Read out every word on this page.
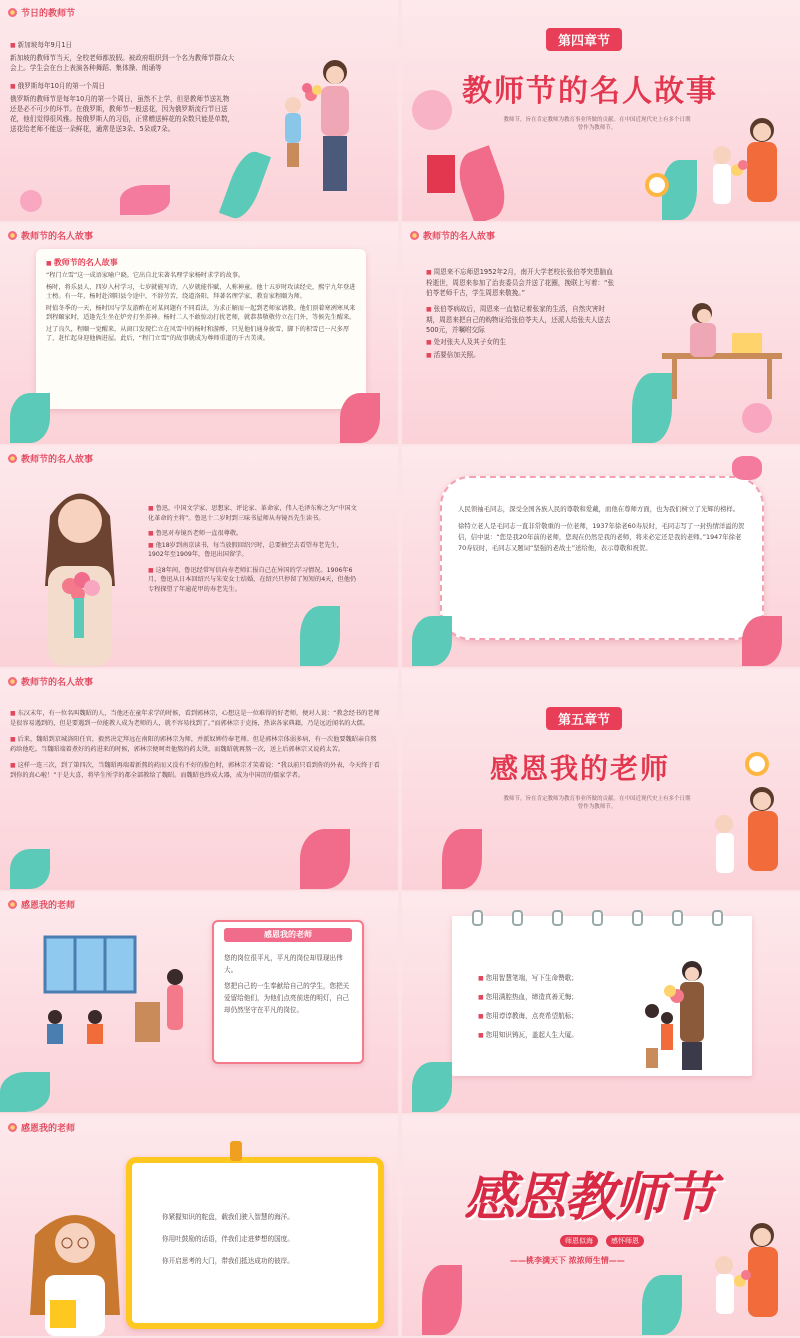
节日的教师节

■ 新加坡每年9月1日

新加坡的教师节当天，全校老师都放假。被政府组织到一个名为教师节群众大会上。学生会在台上表演各种舞蹈、集体操、朗诵等

■ 俄罗斯每年10月的第一个周日

俄罗斯的教师节是每年10月的第一个周日，虽然不上学，但是教师节送礼物还是必不可少的环节。在俄罗斯，教师节一般送花，因为俄罗斯流行节日送花，他们觉得很风雅。按俄罗斯人的习俗，正常赠送鲜花的朵数只能是单数，送花给老师不能送一朵鲜花，通常是送3朵、5朵或7朵。

第四章节
教师节的名人故事
教师节，旨在肯定教师为教育事业所做的贡献。在中国近现代史上有多个日期曾作为教师节。
教师节的名人故事
■ 教师节的名人故事

“程门立雪”这一成语家喻户晓。它出自北宋著名理学家杨时求学的故事。

杨时，将乐县人，四岁入村学习，七岁就能写诗，八岁就能作赋，人称神童。他十五岁时攻读经史，熙宁九年登进士榜。有一年，杨时赴浏阳县令途中，不辞劳苦，绕道洛阳，拜著名理学家、教育家程颐为师。

时值冬季的一天，杨时因与学友游酢在对某问题有不同看法，为求正解而一起到老师家请教。他们顶着寒冽寒风来到程颐家时，适逢先生坐在炉旁打坐养神。杨时二人不敢惊动打扰老师，就恭恭敬敬侍立在门外，等候先生醒来。

过了良久，程颐一觉醒来，从窗口发现伫立在风雪中的杨时和游酢，只见他们通身披雪，脚下的积雪已一尺多厚了，赶忙起身迎他俩进屋。此后，“程门立雪”的故事就成为尊师重道的千古美谈。

教师节的名人故事

■ 周恩来不忘师恩1952年2月，南开大学老校长张伯苓突患脑血栓逝世，周恩来参加了治丧委员会并送了花圈，挽联上写着：“张伯苓老师千古，学生周恩来敬挽。”

■ 张伯苓病故后，周恩来一直惦记着张家的生活，自然灾害时期，周恩来把自己的购物证给张伯苓夫人，还派人给张夫人送去500元，并嘱咐交际

■ 处对张夫人及其子女的生

■ 活要倍加关照。

教师节的名人故事

■ 鲁迅，中国文学家、思想家、评论家、革命家，伟人毛泽东称之为“中国文化革命的主将”。鲁迅十二岁时到三味书屋师从寿镜吾先生读书。

■ 鲁迅对寿镜吾老师一直很尊敬。

■ 他18岁到南京读书，每当放假回绍兴时，总要抽空去看望寿老先生，1902年至1909年，鲁迅出国留学。

■ 这8年间，鲁迅经常写信向寿老师汇报自己在异国的学习情况。1906年6月，鲁迅从日本回绍兴与朱安女士结婚，在绍兴只停留了短短的4天，但他仍专程探望了年逾花甲的寿老先生。

人民领袖毛同志，深受全国各族人民的尊敬和爱戴，而他在尊师方面，也为我们树立了光辉的榜样。

徐特立老人是毛同志一直非常敬重的一位老师，1937年徐老60寿辰时，毛同志写了一封热情洋溢的贺信，信中说：“您是我20年前的老师，您现在仍然是我的老师，将来必定还是我的老师。”1947年徐老70寿辰时，毛同志又题词“坚强的老战士”送给他，表示尊敬和祝贺。

教师节的名人故事

■ 东汉末年，有一位名叫魏昭的人，当他还在童年求学的时候，看到郭林宗，心想这是一位难得的好老师，便对人说：“教念经书的老师是很容易遇到的，但是要遇到一位能教人成为老师的人，就不容易找到了。”而郭林宗于克扬，热读各家典籍，乃是远近闻名的大儒。

■ 后来，魏昭到京城洛阳任官，毅然决定拜远在南阳的郭林宗为师，并派奴婢侍奉老师。但是郭林宗体弱多病，有一次他要魏昭亲自熬药给他吃。当魏昭端着煮好的药进来的时候，郭林宗便呵责他熬的药太烫，而魏昭就再熬一次，送上后郭林宗又说药太苦。

■ 这样一连三次，到了第四次，当魏昭再端着新熬的药而又没有不好的脸色时，郭林宗才笑着说：“我以前只看到你的外表，今天终于看到你的真心啦！”于是大喜，将毕生所学的都全部教给了魏昭。而魏昭也终成大器，成为中国历的儒家学者。

第五章节
感恩我的老师
教师节，旨在肯定教师为教育事业所做的贡献。在中国近现代史上有多个日期曾作为教师节。
感恩我的老师
感恩我的老师

您的岗位很平凡，平凡的岗位却显现出伟大。

您把自己的一生奉献给自己的学生，您把关爱留给他们，为他们点亮前进的明灯，自己却仍然坚守在平凡的岗位。

■ 您用智慧笔端，写下生命赞歌；

■ 您用满腔热血，缔造真善无悔；

■ 您用谆谆教诲，点亮希望航标；

■ 您用知识铸瓦，盖起人生大厦。

感恩我的老师

你紧握知识的舵盘，载我们驶入智慧的海洋。

你用吐鼓励的话语，伴我们走进梦想的国度。

你开启思考的大门，带我们抵达成功的彼岸。

感恩教师节
师恩似海	感怀师恩
——桃李满天下 浓浓师生情——
